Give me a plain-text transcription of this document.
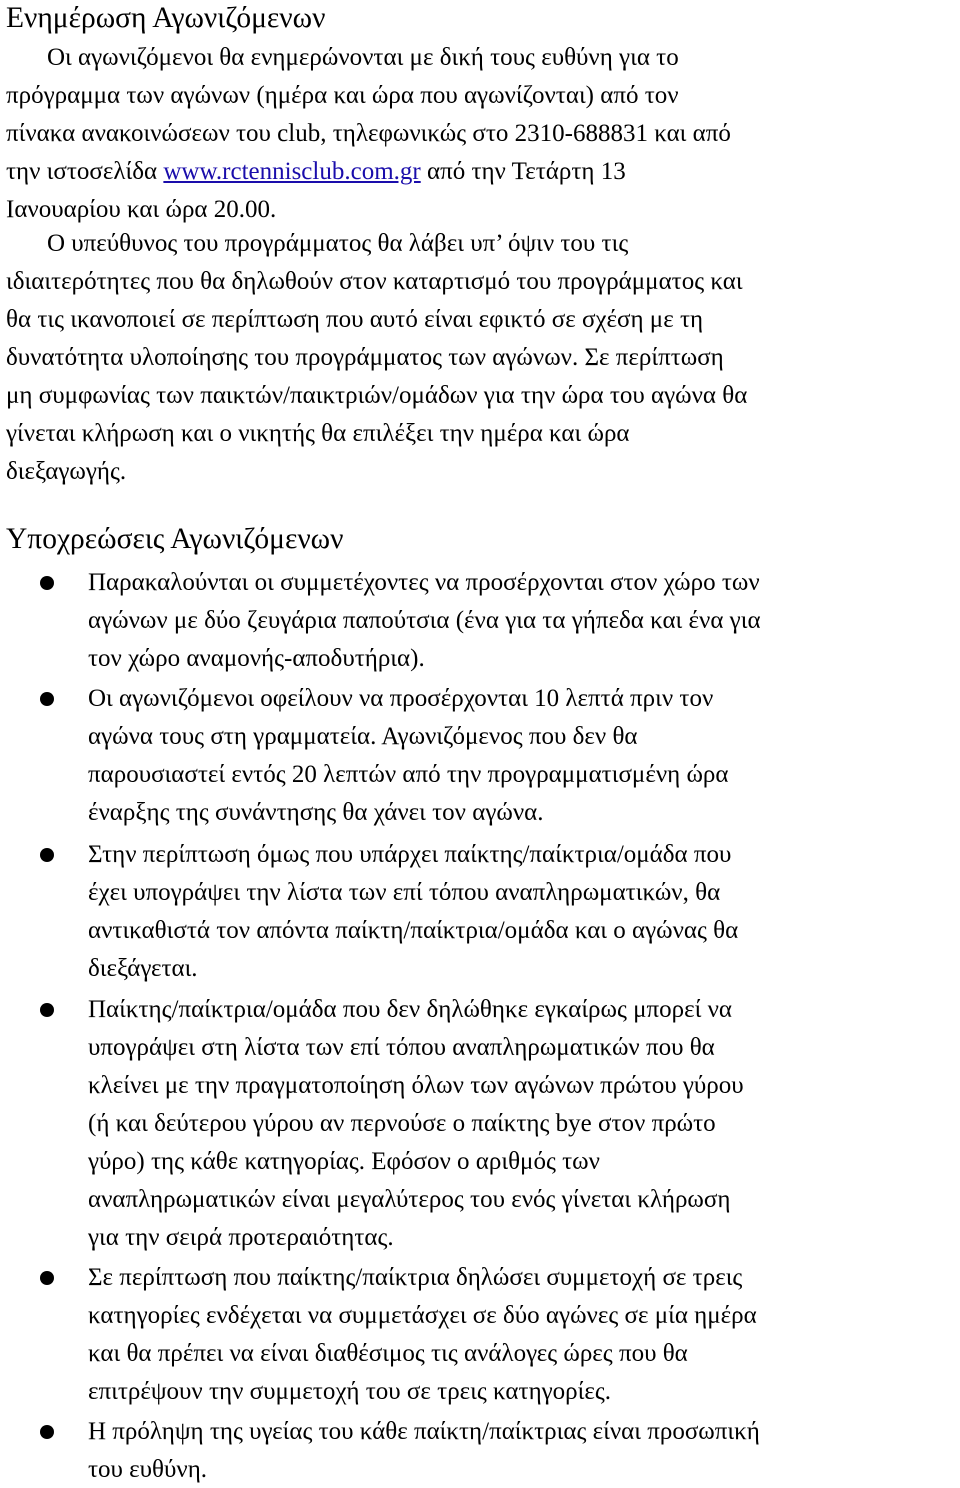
Ενημέρωση Αγωνιζόμενων
Οι αγωνιζόμενοι θα ενημερώνονται με δική τους ευθύνη για το
πρόγραμμα των αγώνων (ημέρα και ώρα που αγωνίζονται) από τον
πίνακα ανακοινώσεων του club, τηλεφωνικώς στο 2310-688831 και από
την ιστοσελίδα www.rctennisclub.com.gr από την Τετάρτη 13
Ιανουαρίου και ώρα 20.00.
Ο υπεύθυνος του προγράμματος θα λάβει υπ’ όψιν του τις
ιδιαιτερότητες που θα δηλωθούν στον καταρτισμό του προγράμματος και
θα τις ικανοποιεί σε περίπτωση που αυτό είναι εφικτό σε σχέση με τη
δυνατότητα υλοποίησης του προγράμματος των αγώνων. Σε περίπτωση
μη συμφωνίας των παικτών/παικτριών/ομάδων για την ώρα του αγώνα θα
γίνεται κλήρωση και ο νικητής θα επιλέξει την ημέρα και ώρα
διεξαγωγής.
Υποχρεώσεις Αγωνιζόμενων
Παρακαλούνται οι συμμετέχοντες να προσέρχονται στον χώρο των
αγώνων με δύο ζευγάρια παπούτσια (ένα για τα γήπεδα και ένα για
τον χώρο αναμονής-αποδυτήρια).
Οι αγωνιζόμενοι οφείλουν να προσέρχονται 10 λεπτά πριν τον
αγώνα τους στη γραμματεία. Αγωνιζόμενος που δεν θα
παρουσιαστεί εντός 20 λεπτών από την προγραμματισμένη ώρα
έναρξης της συνάντησης θα χάνει τον αγώνα.
Στην περίπτωση όμως που υπάρχει παίκτης/παίκτρια/ομάδα που
έχει υπογράψει την λίστα των επί τόπου αναπληρωματικών, θα
αντικαθιστά τον απόντα παίκτη/παίκτρια/ομάδα και ο αγώνας θα
διεξάγεται.
Παίκτης/παίκτρια/ομάδα που δεν δηλώθηκε εγκαίρως μπορεί να
υπογράψει στη λίστα των επί τόπου αναπληρωματικών που θα
κλείνει με την πραγματοποίηση όλων των αγώνων πρώτου γύρου
(ή και δεύτερου γύρου αν περνούσε ο παίκτης bye στον πρώτο
γύρο) της κάθε κατηγορίας. Εφόσον ο αριθμός των
αναπληρωματικών είναι μεγαλύτερος του ενός γίνεται κλήρωση
για την σειρά προτεραιότητας.
Σε περίπτωση που παίκτης/παίκτρια δηλώσει συμμετοχή σε τρεις
κατηγορίες ενδέχεται να συμμετάσχει σε δύο αγώνες σε μία ημέρα
και θα πρέπει να είναι διαθέσιμος τις ανάλογες ώρες που θα
επιτρέψουν την συμμετοχή του σε τρεις κατηγορίες.
Η πρόληψη της υγείας του κάθε παίκτη/παίκτριας είναι προσωπική
του ευθύνη.
